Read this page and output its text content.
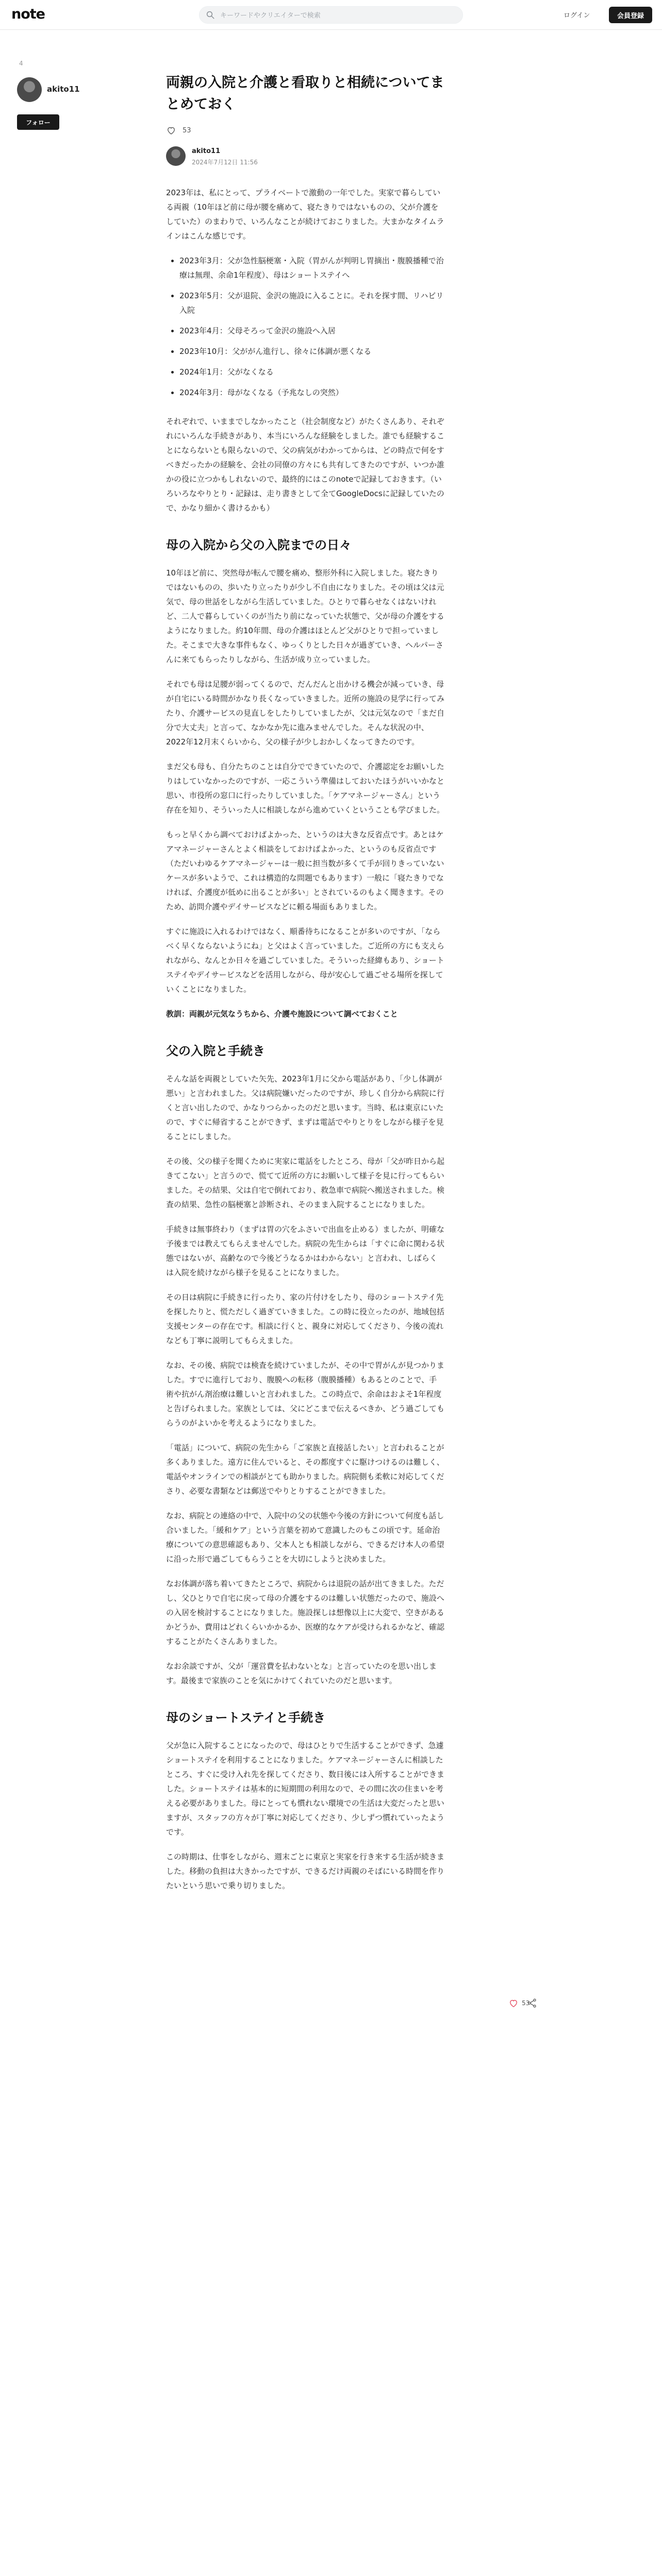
note
キーワードやクリエイターで検索	ログイン	会員登録
4
akito11
フォロー
両親の入院と介護と看取りと相続についてまとめておく
53
akito11
2024年7月12日 11:56

2023年は、私にとって、プライベートで激動の一年でした。実家で暮らしている両親（10年ほど前に母が腰を痛めて、寝たきりではないものの、父が介護をしていた）のまわりで、いろんなことが続けておこりました。大まかなタイムラインはこんな感じです。

• 2023年3月：父が急性脳梗塞・入院（胃がんが判明し胃摘出・腹膜播種で治療は無理、余命1年程度）、母はショートステイへ
• 2023年5月：父が退院、金沢の施設に入ることに。それを探す間、リハビリ入院
• 2023年4月：父母そろって金沢の施設へ入居
• 2023年10月：父ががん進行し、徐々に体調が悪くなる
• 2024年1月：父がなくなる
• 2024年3月：母がなくなる（予兆なしの突然）

それぞれで、いままでしなかったこと（社会制度など）がたくさんあり、それぞれにいろんな手続きがあり、本当にいろんな経験をしました。誰でも経験することにならないとも限らないので、父の病気がわかってからは、どの時点で何をすべきだったかの経験を、会社の同僚の方々にも共有してきたのですが、いつか誰かの役に立つかもしれないので、最終的にはこのnoteで記録しておきます。（いろいろなやりとり・記録は、走り書きとして全てGoogleDocsに記録していたので、かなり細かく書けるかも）

母の入院から父の入院までの日々

10年ほど前に、突然母が転んで腰を痛め、整形外科に入院しました。寝たきりではないものの、歩いたり立ったりが少し不自由になりました。その頃は父は元気で、母の世話をしながら生活していました。ひとりで暮らせなくはないけれど、二人で暮らしていくのが当たり前になっていた状態で、父が母の介護をするようになりました。約10年間、母の介護はほとんど父がひとりで担っていました。そこまで大きな事件もなく、ゆっくりとした日々が過ぎていき、ヘルパーさんに来てもらったりしながら、生活が成り立っていました。

それでも母は足腰が弱ってくるので、だんだんと出かける機会が減っていき、母が自宅にいる時間がかなり長くなっていきました。近所の施設の見学に行ってみたり、介護サービスの見直しをしたりしていましたが、父は元気なので「まだ自分で大丈夫」と言って、なかなか先に進みませんでした。そんな状況の中、2022年12月末くらいから、父の様子が少しおかしくなってきたのです。

まだ父も母も、自分たちのことは自分でできていたので、介護認定をお願いしたりはしていなかったのですが、一応こういう準備はしておいたほうがいいかなと思い、市役所の窓口に行ったりしていました。「ケアマネージャーさん」という存在を知り、そういった人に相談しながら進めていくということも学びました。

もっと早くから調べておけばよかった、というのは大きな反省点です。あとはケアマネージャーさんとよく相談をしておけばよかった、というのも反省点です（ただいわゆるケアマネージャーは一般に担当数が多くて手が回りきっていないケースが多いようで、これは構造的な問題でもあります）一般に「寝たきりでなければ、介護度が低めに出ることが多い」とされているのもよく聞きます。そのため、訪問介護やデイサービスなどに頼る場面もありました。

すぐに施設に入れるわけではなく、順番待ちになることが多いのですが、「ならべく早くならないようにね」と父はよく言っていました。ご近所の方にも支えられながら、なんとか日々を過ごしていました。そういった経緯もあり、ショートステイやデイサービスなどを活用しながら、母が安心して過ごせる場所を探していくことになりました。

教訓：両親が元気なうちから、介護や施設について調べておくこと

父の入院と手続き

そんな話を両親としていた矢先、2023年1月に父から電話があり、「少し体調が悪い」と言われました。父は病院嫌いだったのですが、珍しく自分から病院に行くと言い出したので、かなりつらかったのだと思います。当時、私は東京にいたので、すぐに帰省することができず、まずは電話でやりとりをしながら様子を見ることにしました。

その後、父の様子を聞くために実家に電話をしたところ、母が「父が昨日から起きてこない」と言うので、慌てて近所の方にお願いして様子を見に行ってもらいました。その結果、父は自宅で倒れており、救急車で病院へ搬送されました。検査の結果、急性の脳梗塞と診断され、そのまま入院することになりました。

手続きは無事終わり（まずは胃の穴をふさいで出血を止める）ましたが、明確な予後までは教えてもらえませんでした。病院の先生からは「すぐに命に関わる状態ではないが、高齢なので今後どうなるかはわからない」と言われ、しばらくは入院を続けながら様子を見ることになりました。

その日は病院に手続きに行ったり、家の片付けをしたり、母のショートステイ先を探したりと、慌ただしく過ぎていきました。この時に役立ったのが、地域包括支援センターの存在です。相談に行くと、親身に対応してくださり、今後の流れなども丁寧に説明してもらえました。

なお、その後、病院では検査を続けていましたが、その中で胃がんが見つかりました。すでに進行しており、腹膜への転移（腹膜播種）もあるとのことで、手術や抗がん剤治療は難しいと言われました。この時点で、余命はおよそ1年程度と告げられました。家族としては、父にどこまで伝えるべきか、どう過ごしてもらうのがよいかを考えるようになりました。

「電話」について、病院の先生から「ご家族と直接話したい」と言われることが多くありました。遠方に住んでいると、その都度すぐに駆けつけるのは難しく、電話やオンラインでの相談がとても助かりました。病院側も柔軟に対応してくださり、必要な書類などは郵送でやりとりすることができました。

なお、病院との連絡の中で、入院中の父の状態や今後の方針について何度も話し合いました。「緩和ケア」という言葉を初めて意識したのもこの頃です。延命治療についての意思確認もあり、父本人とも相談しながら、できるだけ本人の希望に沿った形で過ごしてもらうことを大切にしようと決めました。

なお体調が落ち着いてきたところで、病院からは退院の話が出てきました。ただし、父ひとりで自宅に戻って母の介護をするのは難しい状態だったので、施設への入居を検討することになりました。施設探しは想像以上に大変で、空きがあるかどうか、費用はどれくらいかかるか、医療的なケアが受けられるかなど、確認することがたくさんありました。

なお余談ですが、父が「運営費を払わないとな」と言っていたのを思い出します。最後まで家族のことを気にかけてくれていたのだと思います。

母のショートステイと手続き

父が急に入院することになったので、母はひとりで生活することができず、急遽ショートステイを利用することになりました。ケアマネージャーさんに相談したところ、すぐに受け入れ先を探してくださり、数日後には入所することができました。ショートステイは基本的に短期間の利用なので、その間に次の住まいを考える必要がありました。母にとっても慣れない環境での生活は大変だったと思いますが、スタッフの方々が丁寧に対応してくださり、少しずつ慣れていったようです。

この時期は、仕事をしながら、週末ごとに東京と実家を行き来する生活が続きました。移動の負担は大きかったですが、できるだけ両親のそばにいる時間を作りたいという思いで乗り切りました。

53
